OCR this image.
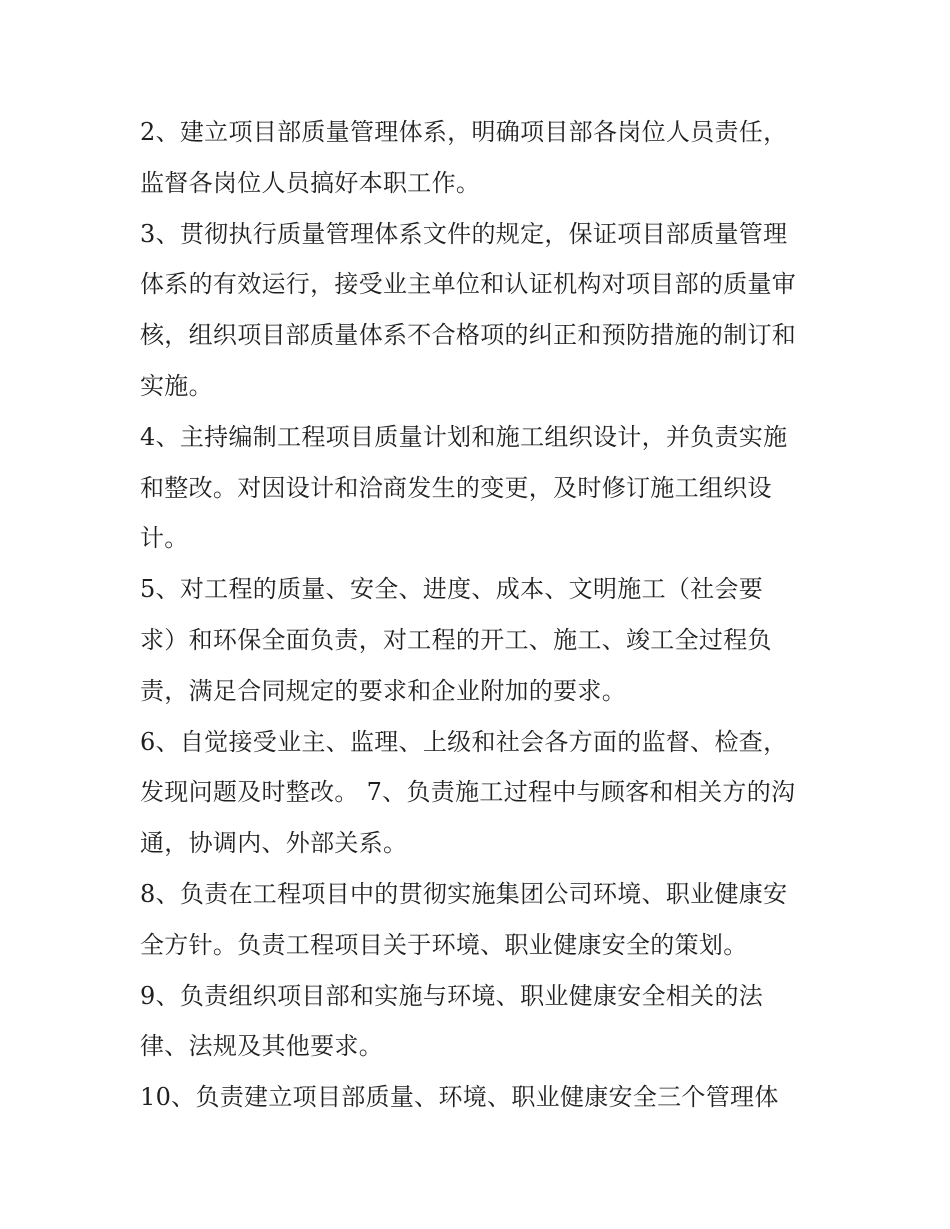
2、建立项目部质量管理体系，明确项目部各岗位人员责任，
监督各岗位人员搞好本职工作。
3、贯彻执行质量管理体系文件的规定，保证项目部质量管理
体系的有效运行，接受业主单位和认证机构对项目部的质量审
核，组织项目部质量体系不合格项的纠正和预防措施的制订和
实施。
4、主持编制工程项目质量计划和施工组织设计，并负责实施
和整改。对因设计和洽商发生的变更，及时修订施工组织设
计。
5、对工程的质量、安全、进度、成本、文明施工（社会要
求）和环保全面负责，对工程的开工、施工、竣工全过程负
责，满足合同规定的要求和企业附加的要求。
6、自觉接受业主、监理、上级和社会各方面的监督、检查，
发现问题及时整改。 7、负责施工过程中与顾客和相关方的沟
通，协调内、外部关系。
8、负责在工程项目中的贯彻实施集团公司环境、职业健康安
全方针。负责工程项目关于环境、职业健康安全的策划。
9、负责组织项目部和实施与环境、职业健康安全相关的法
律、法规及其他要求。
10、负责建立项目部质量、环境、职业健康安全三个管理体
